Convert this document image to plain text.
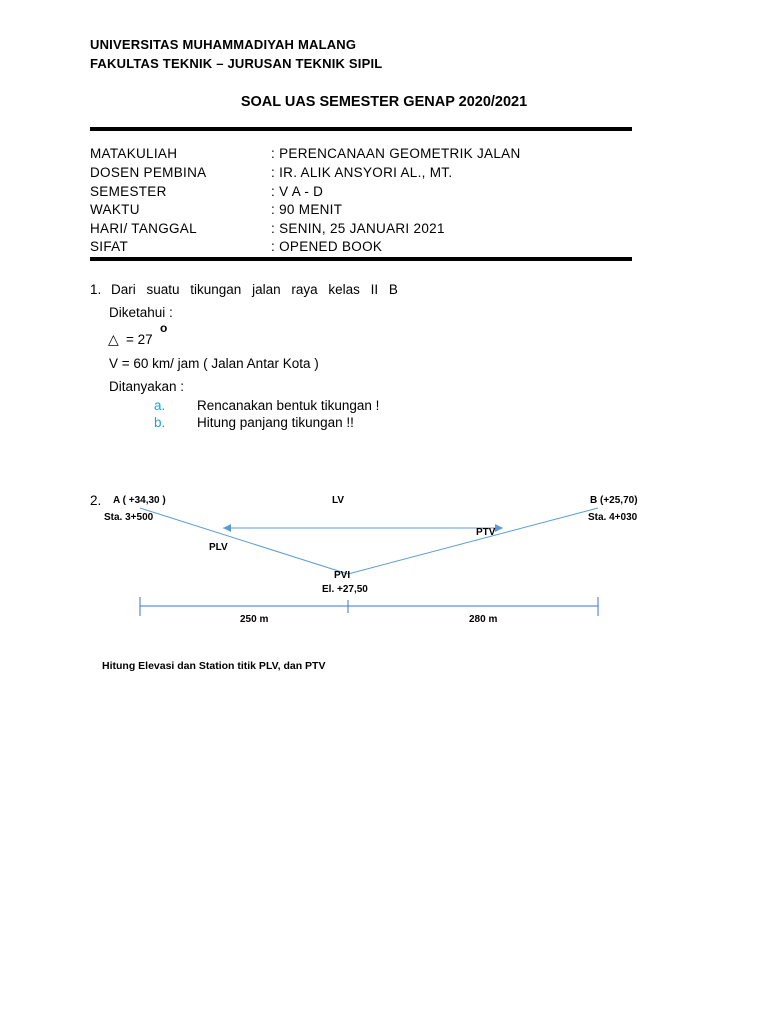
UNIVERSITAS MUHAMMADIYAH MALANG
FAKULTAS TEKNIK – JURUSAN TEKNIK SIPIL
SOAL UAS SEMESTER GENAP 2020/2021
MATAKULIAH	: PERENCANAAN GEOMETRIK JALAN
DOSEN PEMBINA	: IR. ALIK ANSYORI AL., MT.
SEMESTER	: V A - D
WAKTU	: 90 MENIT
HARI/ TANGGAL	: SENIN, 25 JANUARI 2021
SIFAT	: OPENED BOOK
1. Dari suatu tikungan jalan raya kelas II B
Diketahui :
△ = 27
o
V = 60 km/ jam ( Jalan Antar Kota )
Ditanyakan :
a. Rencanakan bentuk tikungan !
b. Hitung panjang tikungan !!
2. A ( +34,30 )
Sta. 3+500
LV	B (+25,70)
Sta. 4+030
PTV
PLV
PVI
El. +27,50
250 m	280 m
Hitung Elevasi dan Station titik PLV, dan PTV
